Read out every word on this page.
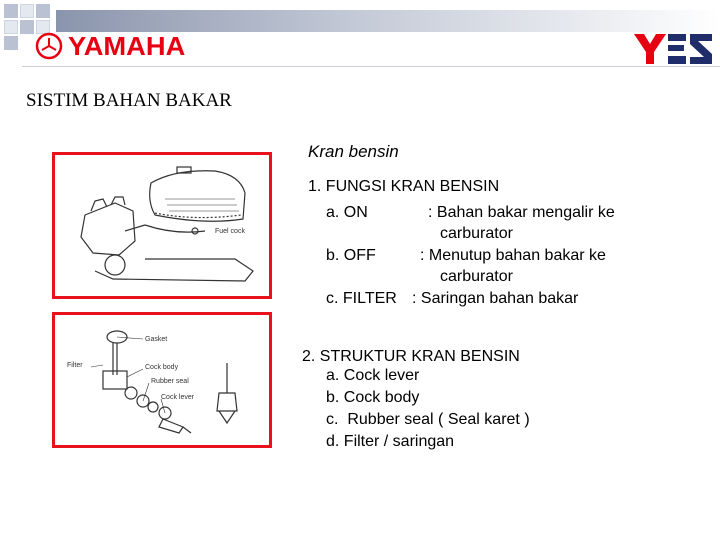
YAMAHA
SISTIM BAHAN BAKAR
Fuel cock
Gasket
Filter	Cock body
Rubber seal
Cock lever
Kran bensin
1. FUNGSI KRAN BENSIN
a. ON	: Bahan bakar mengalir ke
carburator
b. OFF	: Menutup bahan bakar ke
carburator
c. FILTER : Saringan bahan bakar
2. STRUKTUR KRAN BENSIN
a. Cock lever
b. Cock body
c.  Rubber seal ( Seal karet )
d. Filter / saringan
